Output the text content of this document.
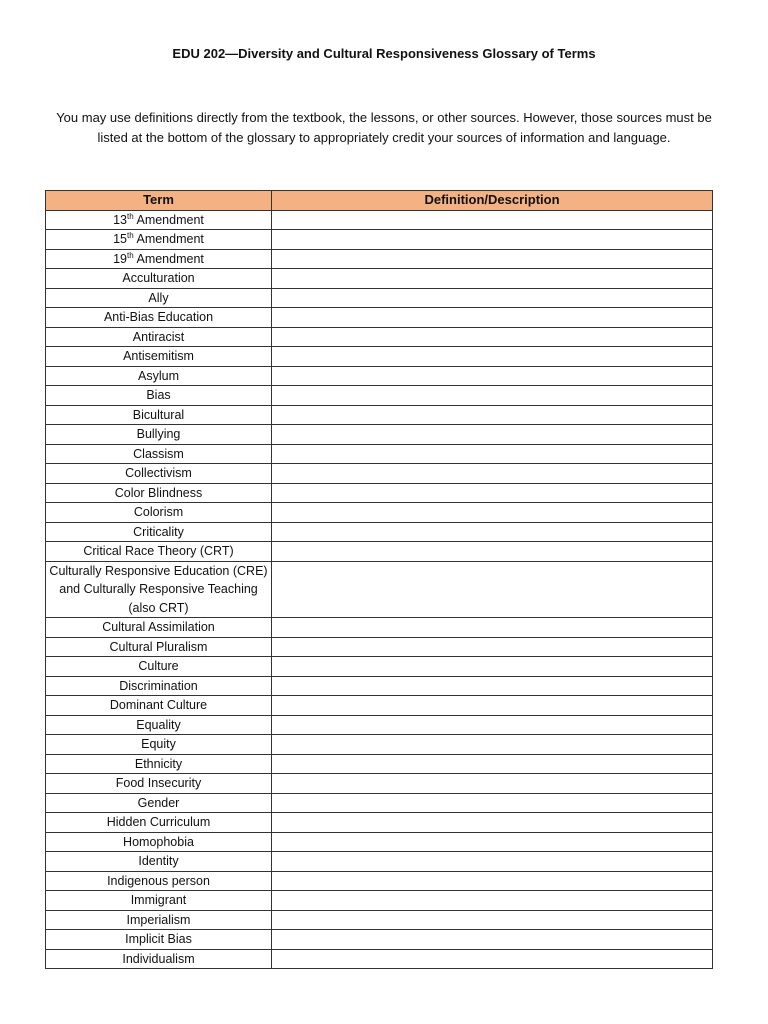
EDU 202—Diversity and Cultural Responsiveness Glossary of Terms
You may use definitions directly from the textbook, the lessons, or other sources. However, those sources must be listed at the bottom of the glossary to appropriately credit your sources of information and language.
Term	Definition/Description
13th Amendment	
15th Amendment	
19th Amendment	
Acculturation	
Ally	
Anti-Bias Education	
Antiracist	
Antisemitism	
Asylum	
Bias	
Bicultural	
Bullying	
Classism	
Collectivism	
Color Blindness	
Colorism	
Criticality	
Critical Race Theory (CRT)	
Culturally Responsive Education (CRE) and Culturally Responsive Teaching (also CRT)	
Cultural Assimilation	
Cultural Pluralism	
Culture	
Discrimination	
Dominant Culture	
Equality	
Equity	
Ethnicity	
Food Insecurity	
Gender	
Hidden Curriculum	
Homophobia	
Identity	
Indigenous person	
Immigrant	
Imperialism	
Implicit Bias	
Individualism	
